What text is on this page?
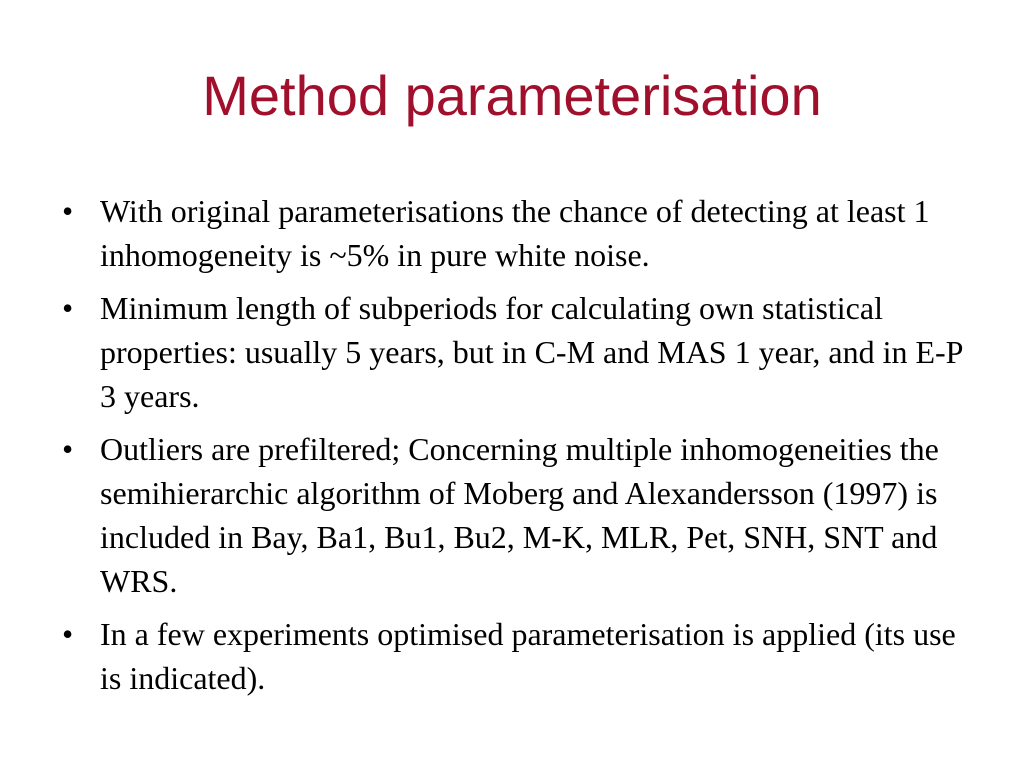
Method parameterisation
• With original parameterisations the chance of detecting at least 1 inhomogeneity is ~5% in pure white noise.
• Minimum length of subperiods for calculating own statistical properties: usually 5 years, but in C-M and MAS 1 year, and in E-P 3 years.
• Outliers are prefiltered; Concerning multiple inhomogeneities the semihierarchic algorithm of Moberg and Alexandersson (1997) is included in Bay, Ba1, Bu1, Bu2, M-K, MLR, Pet, SNH, SNT and WRS.
• In a few experiments optimised parameterisation is applied (its use is indicated).
